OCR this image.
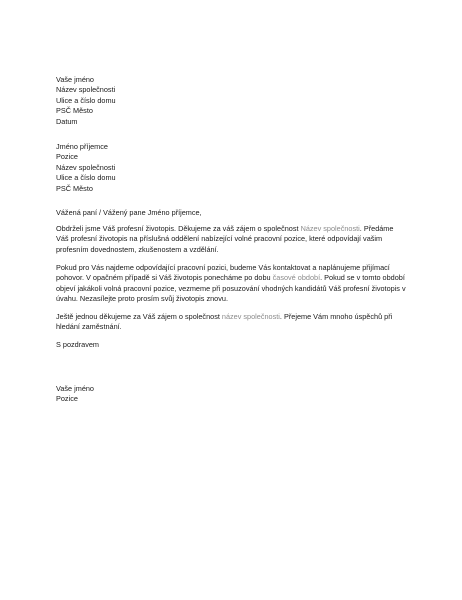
Vaše jméno
Název společnosti
Ulice a číslo domu
PSČ Město
Datum
Jméno příjemce
Pozice
Název společnosti
Ulice a číslo domu
PSČ Město
Vážená paní / Vážený pane Jméno příjemce,
Obdrželi jsme Váš profesní životopis. Děkujeme za váš zájem o společnost Název společnosti. Předáme Váš profesní životopis na příslušná oddělení nabízející volné pracovní pozice, které odpovídají vašim profesním dovednostem, zkušenostem a vzdělání.
Pokud pro Vás najdeme odpovídající pracovní pozici, budeme Vás kontaktovat a naplánujeme přijímací pohovor. V opačném případě si Váš životopis ponecháme po dobu časové období. Pokud se v tomto období objeví jakákoli volná pracovní pozice, vezmeme při posuzování vhodných kandidátů Váš profesní životopis v úvahu. Nezasílejte proto prosím svůj životopis znovu.
Ještě jednou děkujeme za Váš zájem o společnost název společnosti. Přejeme Vám mnoho úspěchů při hledání zaměstnání.
S pozdravem
Vaše jméno
Pozice
